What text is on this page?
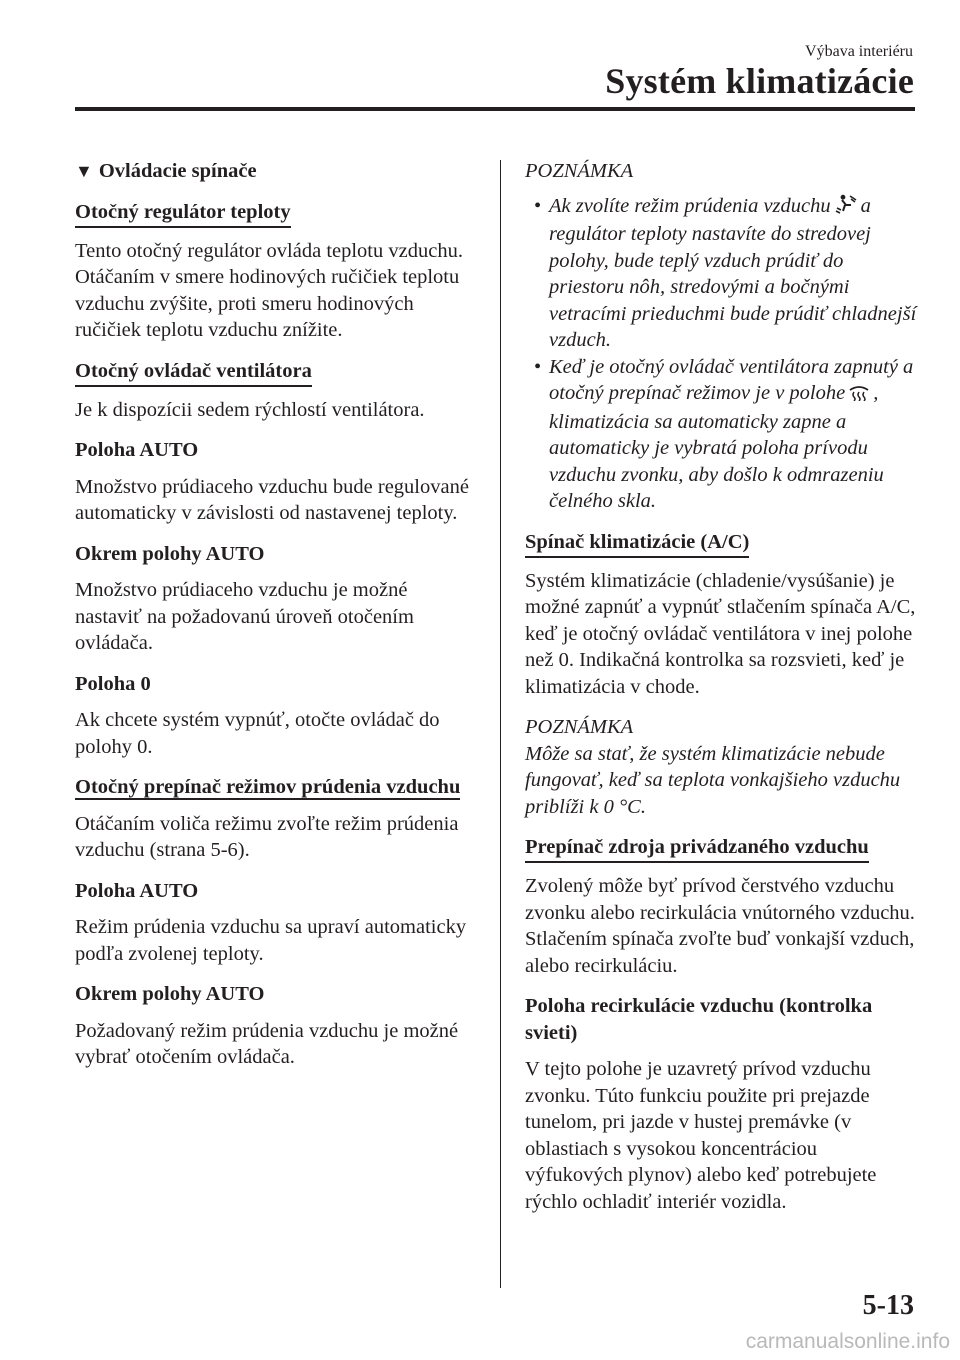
Výbava interiéru
Systém klimatizácie

▼ Ovládacie spínače

Otočný regulátor teploty

Tento otočný regulátor ovláda teplotu vzduchu. Otáčaním v smere hodinových ručičiek teplotu vzduchu zvýšite, proti smeru hodinových ručičiek teplotu vzduchu znížite.

Otočný ovládač ventilátora

Je k dispozícii sedem rýchlostí ventilátora.

Poloha AUTO

Množstvo prúdiaceho vzduchu bude regulované automaticky v závislosti od nastavenej teploty.

Okrem polohy AUTO

Množstvo prúdiaceho vzduchu je možné nastaviť na požadovanú úroveň otočením ovládača.

Poloha 0

Ak chcete systém vypnúť, otočte ovládač do polohy 0.

Otočný prepínač režimov prúdenia vzduchu

Otáčaním voliča režimu zvoľte režim prúdenia vzduchu (strana 5-6).

Poloha AUTO

Režim prúdenia vzduchu sa upraví automaticky podľa zvolenej teploty.

Okrem polohy AUTO

Požadovaný režim prúdenia vzduchu je možné vybrať otočením ovládača.

POZNÁMKA

• Ak zvolíte režim prúdenia vzduchu a regulátor teploty nastavíte do stredovej polohy, bude teplý vzduch prúdiť do priestoru nôh, stredovými a bočnými vetracími prieduchmi bude prúdiť chladnejší vzduch.

• Keď je otočný ovládač ventilátora zapnutý a otočný prepínač režimov je v polohe , klimatizácia sa automaticky zapne a automaticky je vybratá poloha prívodu vzduchu zvonku, aby došlo k odmrazeniu čelného skla.

Spínač klimatizácie (A/C)

Systém klimatizácie (chladenie/vysúšanie) je možné zapnúť a vypnúť stlačením spínača A/C, keď je otočný ovládač ventilátora v inej polohe než 0. Indikačná kontrolka sa rozsvieti, keď je klimatizácia v chode.

POZNÁMKA

Môže sa stať, že systém klimatizácie nebude fungovať, keď sa teplota vonkajšieho vzduchu priblíži k 0 °C.

Prepínač zdroja privádzaného vzduchu

Zvolený môže byť prívod čerstvého vzduchu zvonku alebo recirkulácia vnútorného vzduchu. Stlačením spínača zvoľte buď vonkajší vzduch, alebo recirkuláciu.

Poloha recirkulácie vzduchu (kontrolka svieti)

V tejto polohe je uzavretý prívod vzduchu zvonku. Túto funkciu použite pri prejazde tunelom, pri jazde v hustej premávke (v oblastiach s vysokou koncentráciou výfukových plynov) alebo keď potrebujete rýchlo ochladiť interiér vozidla.

5-13
carmanualsonline.info
